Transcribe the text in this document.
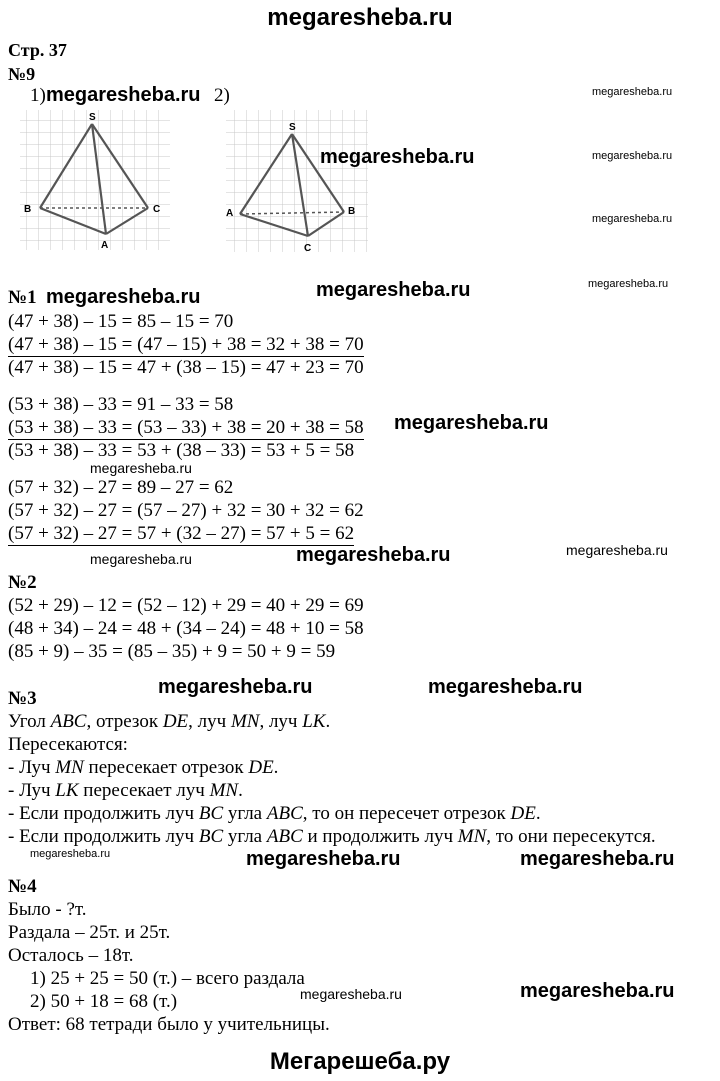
megaresheba.ru
Стр. 37
№9
1) megaresheba.ru 2)
S
B	C
A
S
A	B
C
megaresheba.ru
megaresheba.ru
megaresheba.ru
megaresheba.ru
megaresheba.ru
№1 megaresheba.ru	megaresheba.ru
(47 + 38) – 15 = 85 – 15 = 70
(47 + 38) – 15 = (47 – 15) + 38 = 32 + 38 = 70
(47 + 38) – 15 = 47 + (38 – 15) = 47 + 23 = 70
(53 + 38) – 33 = 91 – 33 = 58
(53 + 38) – 33 = (53 – 33) + 38 = 20 + 38 = 58 megaresheba.ru
(53 + 38) – 33 = 53 + (38 – 33) = 53 + 5 = 58
megaresheba.ru
(57 + 32) – 27 = 89 – 27 = 62
(57 + 32) – 27 = (57 – 27) + 32 = 30 + 32 = 62
(57 + 32) – 27 = 57 + (32 – 27) = 57 + 5 = 62
megaresheba.ru	megaresheba.ru	megaresheba.ru
№2
(52 + 29) – 12 = (52 – 12) + 29 = 40 + 29 = 69
(48 + 34) – 24 = 48 + (34 – 24) = 48 + 10 = 58
(85 + 9) – 35 = (85 – 35) + 9 = 50 + 9 = 59
megaresheba.ru	megaresheba.ru
№3
Угол ABC, отрезок DE, луч MN, луч LK.
Пересекаются:
- Луч MN пересекает отрезок DE.
- Луч LK пересекает луч MN.
- Если продолжить луч BC угла ABC, то он пересечет отрезок DE.
- Если продолжить луч BC угла ABC и продолжить луч MN, то они пересекутся.
megaresheba.ru	megaresheba.ru	megaresheba.ru
№4
Было - ?т.
Раздала – 25т. и 25т.
Осталось – 18т.
1) 25 + 25 = 50 (т.) – всего раздала
2) 50 + 18 = 68 (т.)	megaresheba.ru	megaresheba.ru
Ответ: 68 тетради было у учительницы.
Мегарешеба.ру
